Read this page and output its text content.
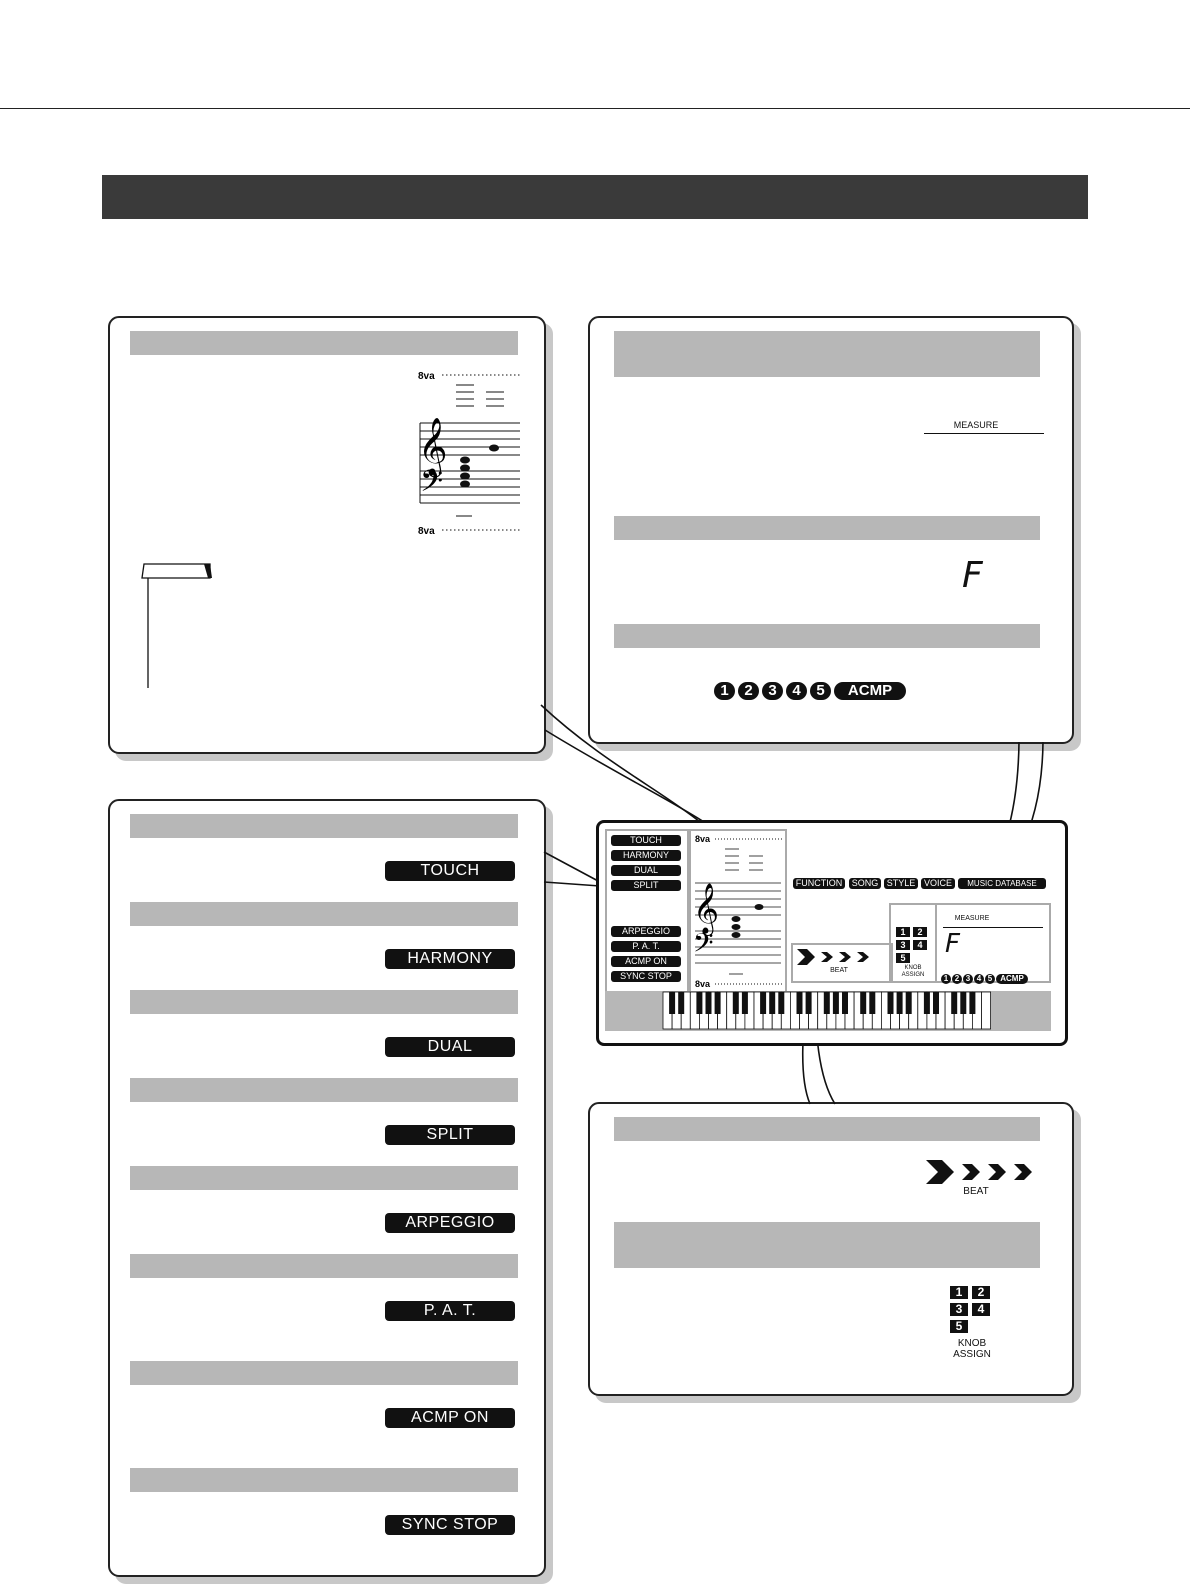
8va
𝄞
𝄢
8va
MEASURE
F
1 2 3 4 5 ACMP
TOUCH
HARMONY
DUAL
SPLIT
ARPEGGIO
P. A. T.
ACMP ON
SYNC STOP
BEAT
1	2
3	4
5
KNOB
ASSIGN
TOUCH
HARMONY
DUAL
SPLIT
ARPEGGIO
P. A. T.
ACMP ON
SYNC STOP
8va
𝄞
𝄢
8va
FUNCTION	SONG STYLE VOICE	MUSIC DATABASE
BEAT
1	2
3	4
5
KNOB
ASSIGN
MEASURE
F
1 2 3 4 5 ACMP
